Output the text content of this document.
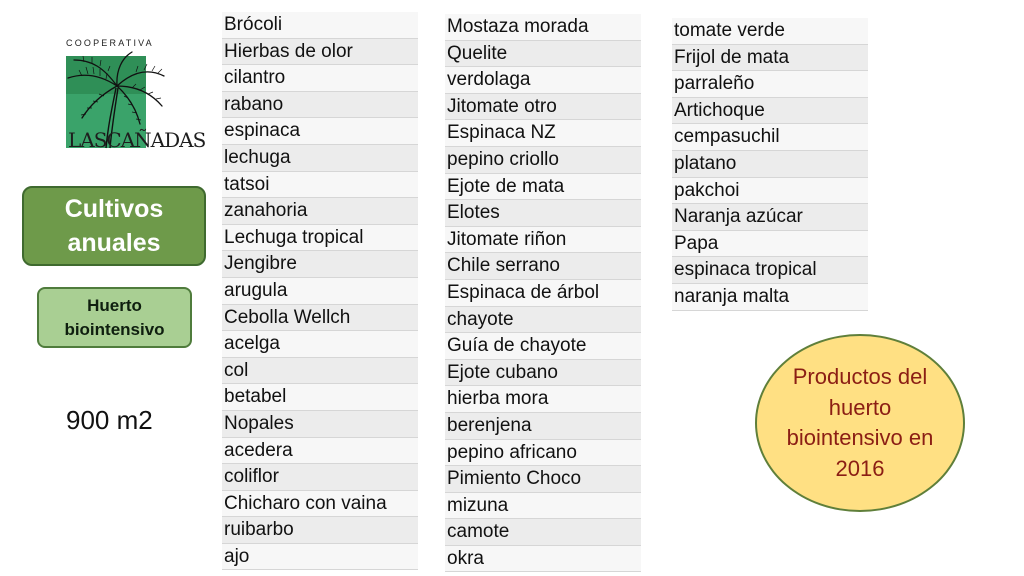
COOPERATIVA
LASCAÑADAS
Cultivos anuales
Huerto biointensivo
900 m2
Brócoli
Hierbas de olor
cilantro
rabano
espinaca
lechuga
tatsoi
zanahoria
Lechuga tropical
Jengibre
arugula
Cebolla Wellch
acelga
col
betabel
Nopales
acedera
coliflor
Chicharo con vaina
ruibarbo
ajo
Mostaza morada
Quelite
verdolaga
Jitomate otro
Espinaca NZ
pepino criollo
Ejote de mata
Elotes
Jitomate riñon
Chile serrano
Espinaca de árbol
chayote
Guía de chayote
Ejote cubano
hierba mora
berenjena
pepino africano
Pimiento Choco
mizuna
camote
okra
tomate verde
Frijol de mata
parraleño
Artichoque
cempasuchil
platano
pakchoi
Naranja azúcar
Papa
espinaca tropical
naranja malta
Productos del huerto biointensivo en 2016
